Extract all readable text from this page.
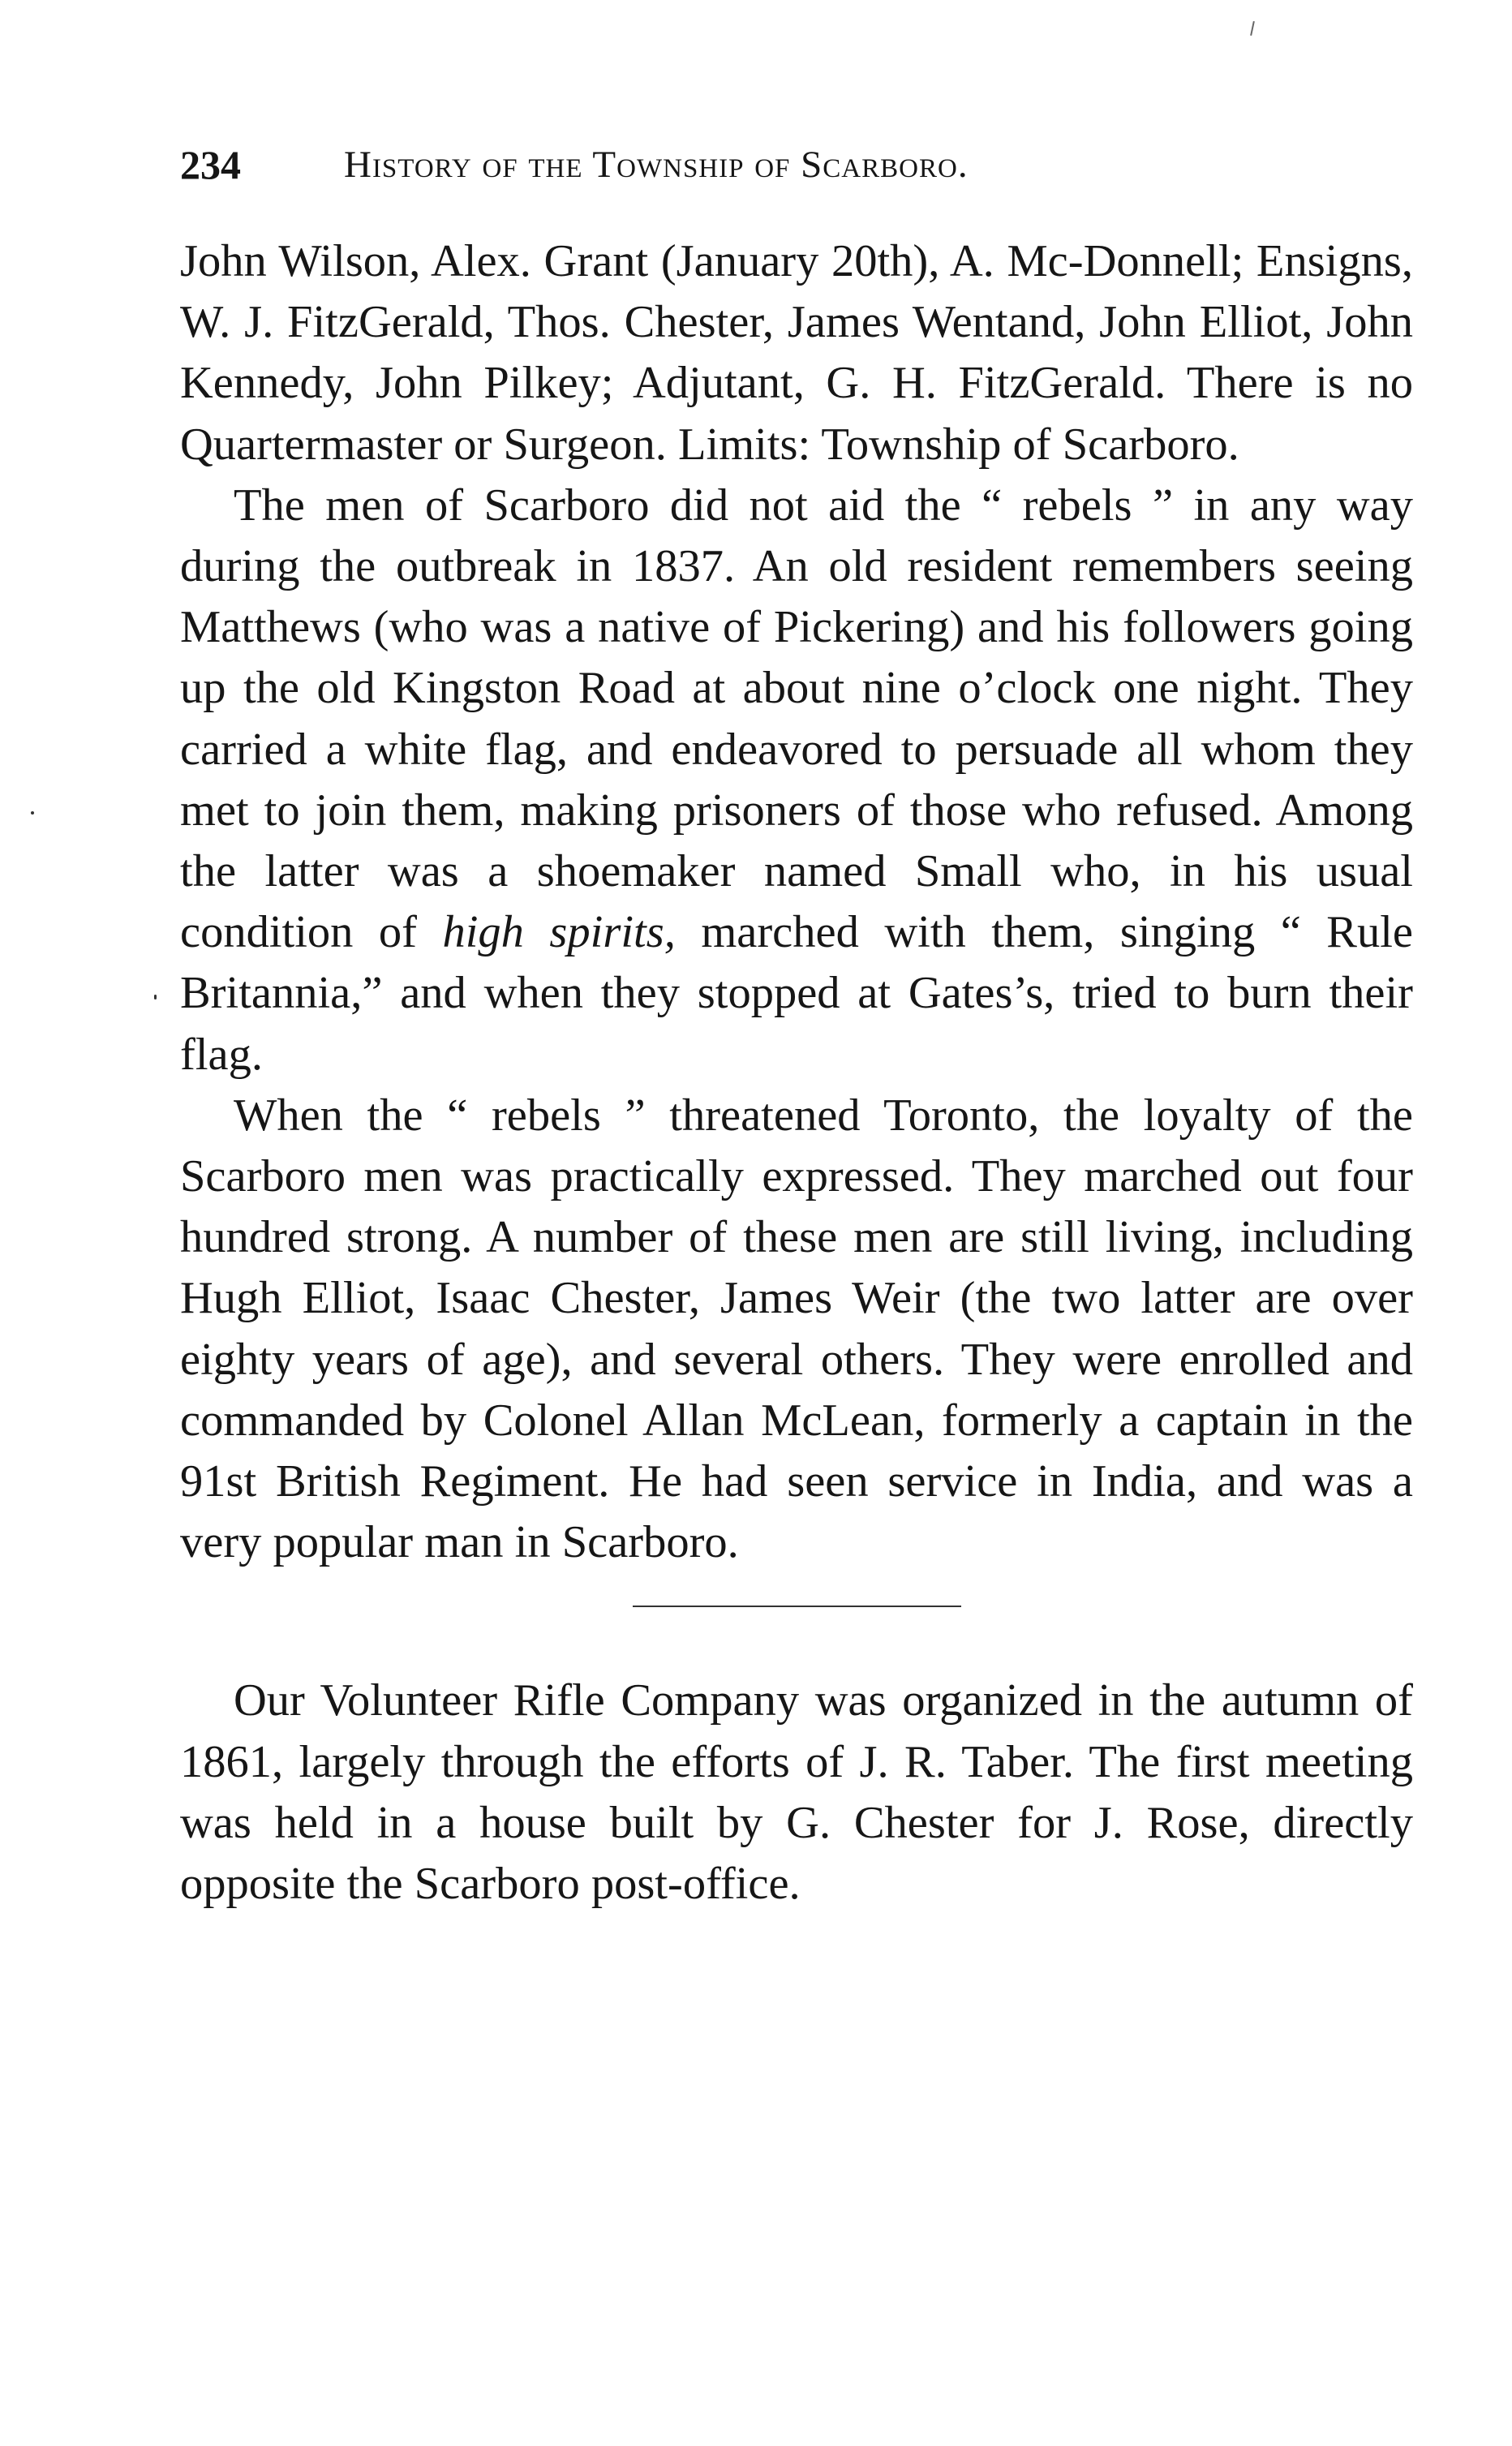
234	History of the Township of Scarboro.

John Wilson, Alex. Grant (January 20th), A. Mc-Donnell; Ensigns, W. J. FitzGerald, Thos. Chester, James Wentand, John Elliot, John Kennedy, John Pilkey; Adjutant, G. H. FitzGerald. There is no Quartermaster or Surgeon. Limits: Township of Scarboro.

The men of Scarboro did not aid the “ rebels ” in any way during the outbreak in 1837. An old resident remembers seeing Matthews (who was a native of Pickering) and his followers going up the old Kingston Road at about nine o’clock one night. They carried a white flag, and endeavored to persuade all whom they met to join them, making prisoners of those who refused. Among the latter was a shoemaker named Small who, in his usual condition of high spirits, marched with them, singing “ Rule Britannia,” and when they stopped at Gates’s, tried to burn their flag.

When the “ rebels ” threatened Toronto, the loyalty of the Scarboro men was practically expressed. They marched out four hundred strong. A number of these men are still living, including Hugh Elliot, Isaac Chester, James Weir (the two latter are over eighty years of age), and several others. They were enrolled and commanded by Colonel Allan McLean, formerly a captain in the 91st British Regiment. He had seen service in India, and was a very popular man in Scarboro.

Our Volunteer Rifle Company was organized in the autumn of 1861, largely through the efforts of J. R. Taber. The first meeting was held in a house built by G. Chester for J. Rose, directly opposite the Scarboro post-office.
